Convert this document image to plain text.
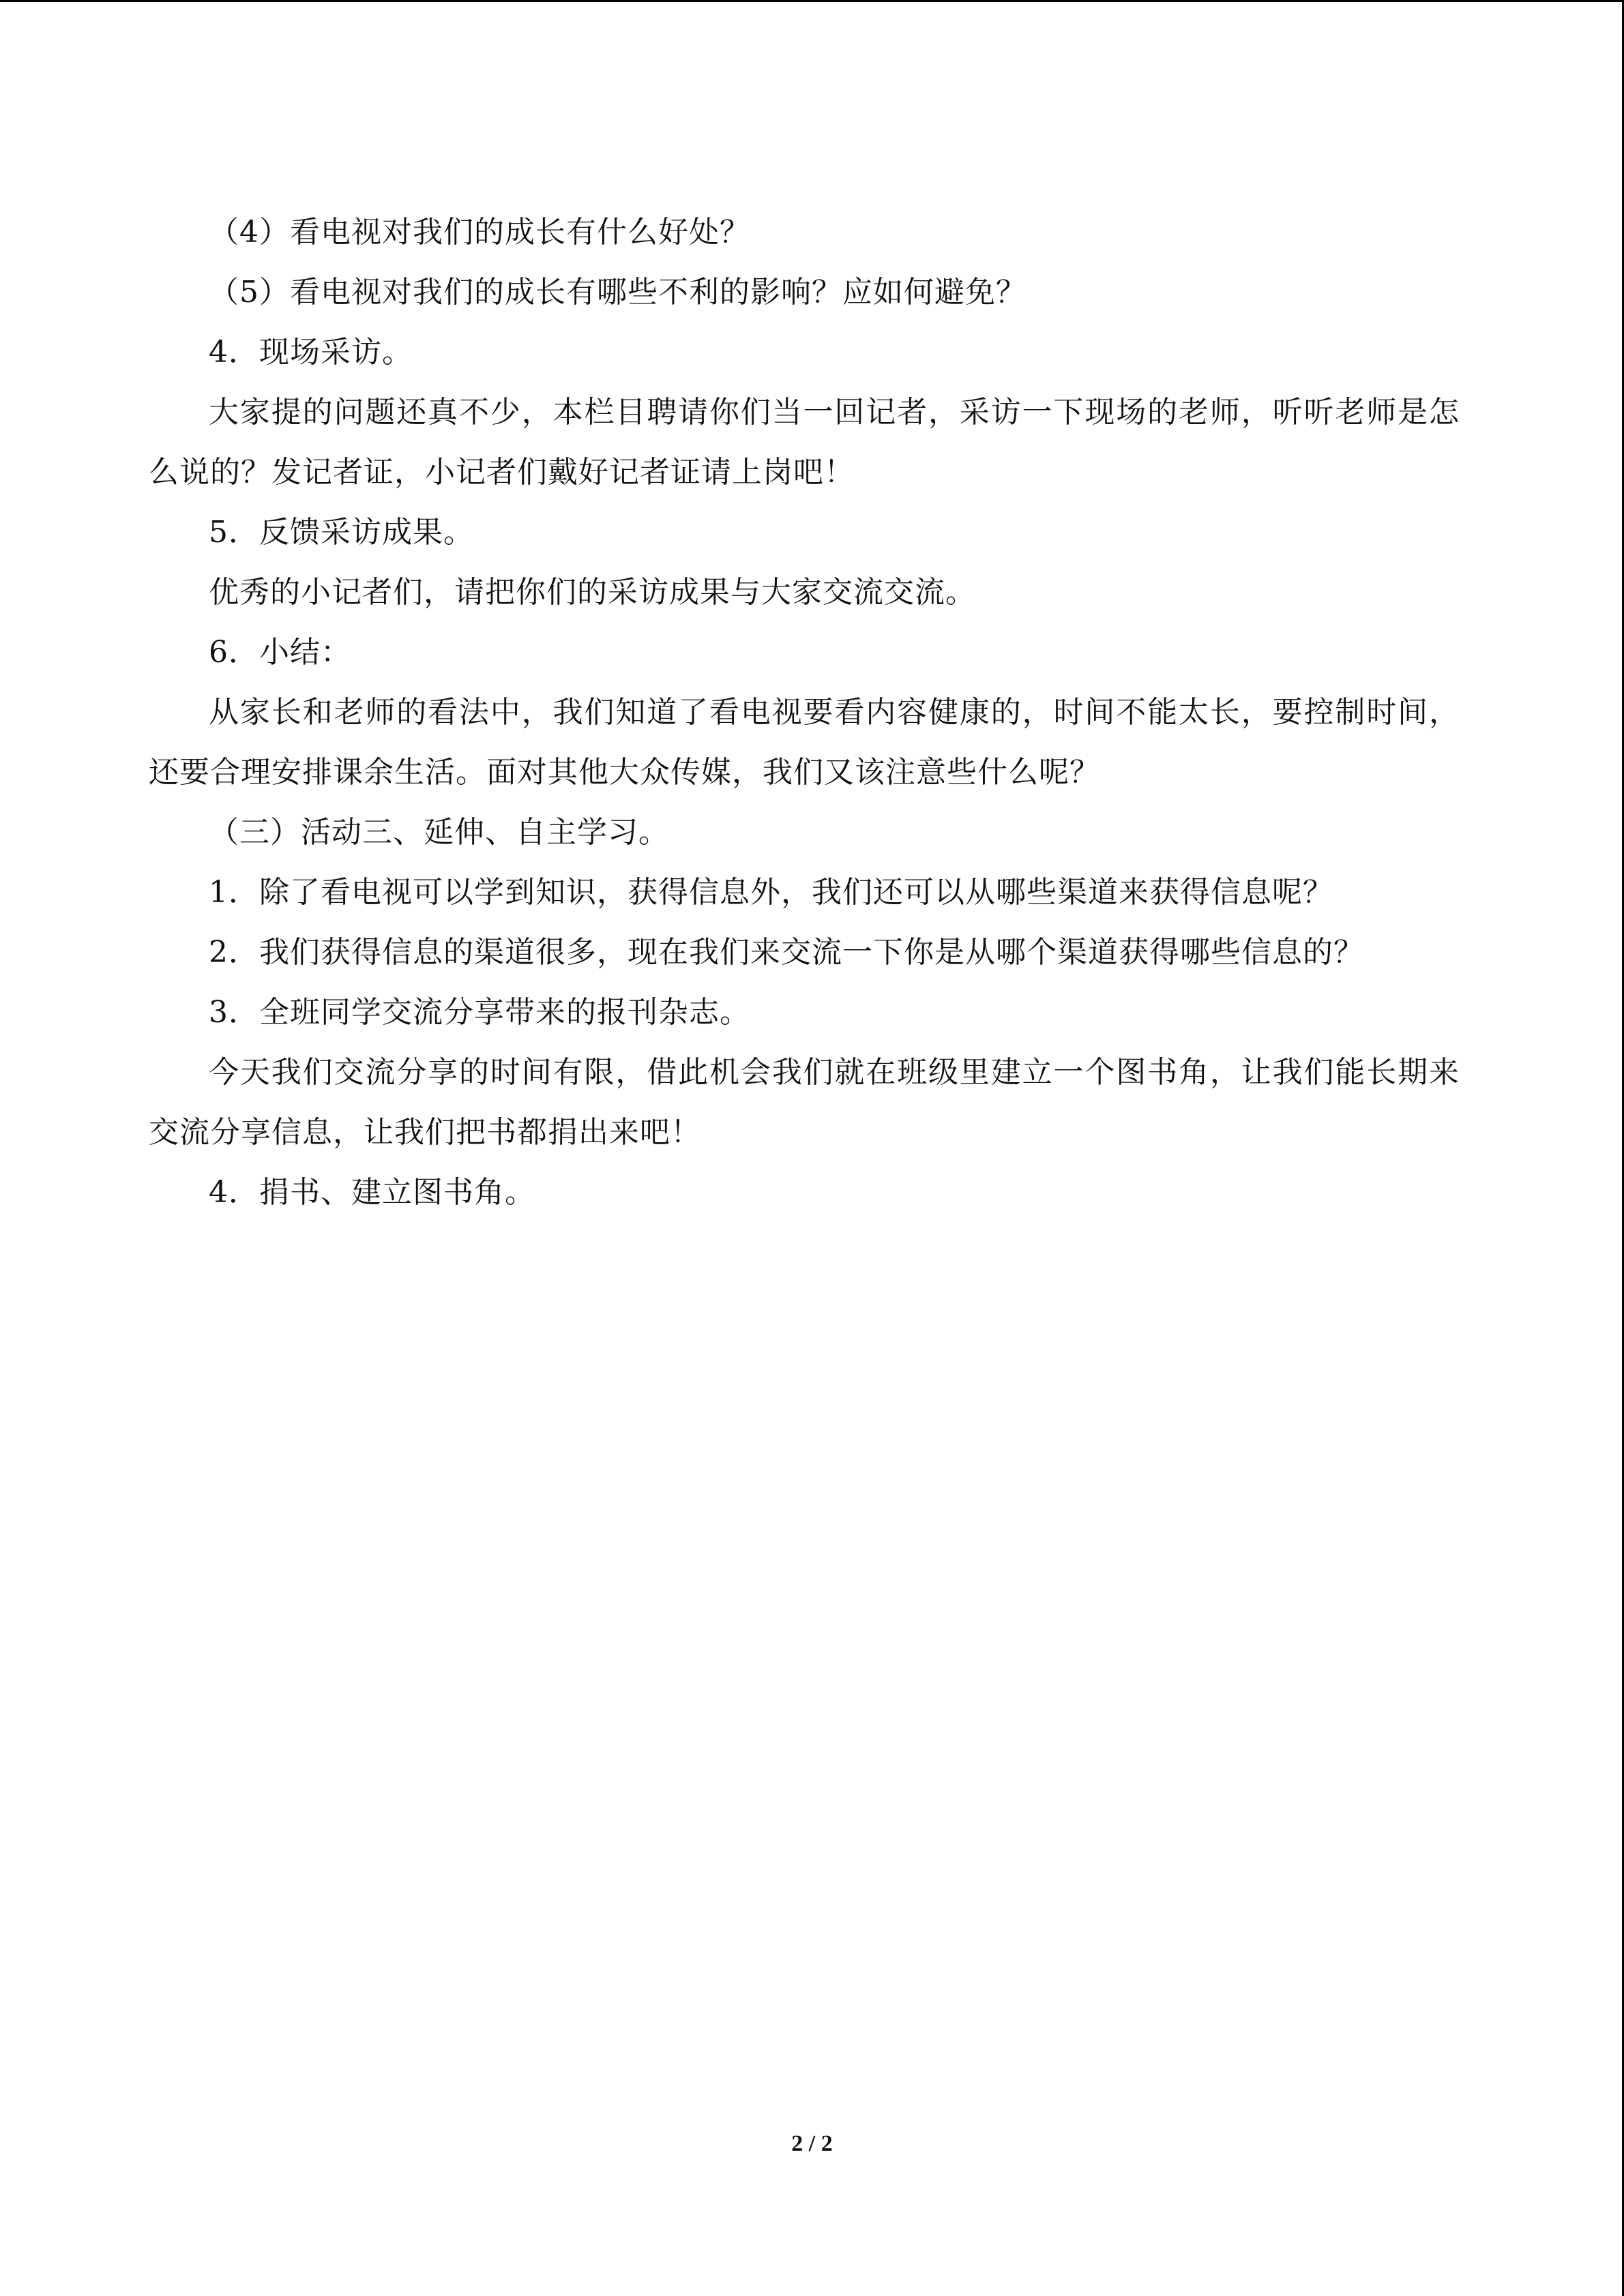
（4）看电视对我们的成长有什么好处？

（5）看电视对我们的成长有哪些不利的影响？应如何避免？

4．现场采访。

大家提的问题还真不少，本栏目聘请你们当一回记者，采访一下现场的老师，听听老师是怎么说的？发记者证，小记者们戴好记者证请上岗吧！

5．反馈采访成果。

优秀的小记者们，请把你们的采访成果与大家交流交流。

6．小结：

从家长和老师的看法中，我们知道了看电视要看内容健康的，时间不能太长，要控制时间，还要合理安排课余生活。面对其他大众传媒，我们又该注意些什么呢？

（三）活动三、延伸、自主学习。

1．除了看电视可以学到知识，获得信息外，我们还可以从哪些渠道来获得信息呢？

2．我们获得信息的渠道很多，现在我们来交流一下你是从哪个渠道获得哪些信息的？

3．全班同学交流分享带来的报刊杂志。

今天我们交流分享的时间有限，借此机会我们就在班级里建立一个图书角，让我们能长期来交流分享信息，让我们把书都捐出来吧！

4．捐书、建立图书角。

2 / 2
